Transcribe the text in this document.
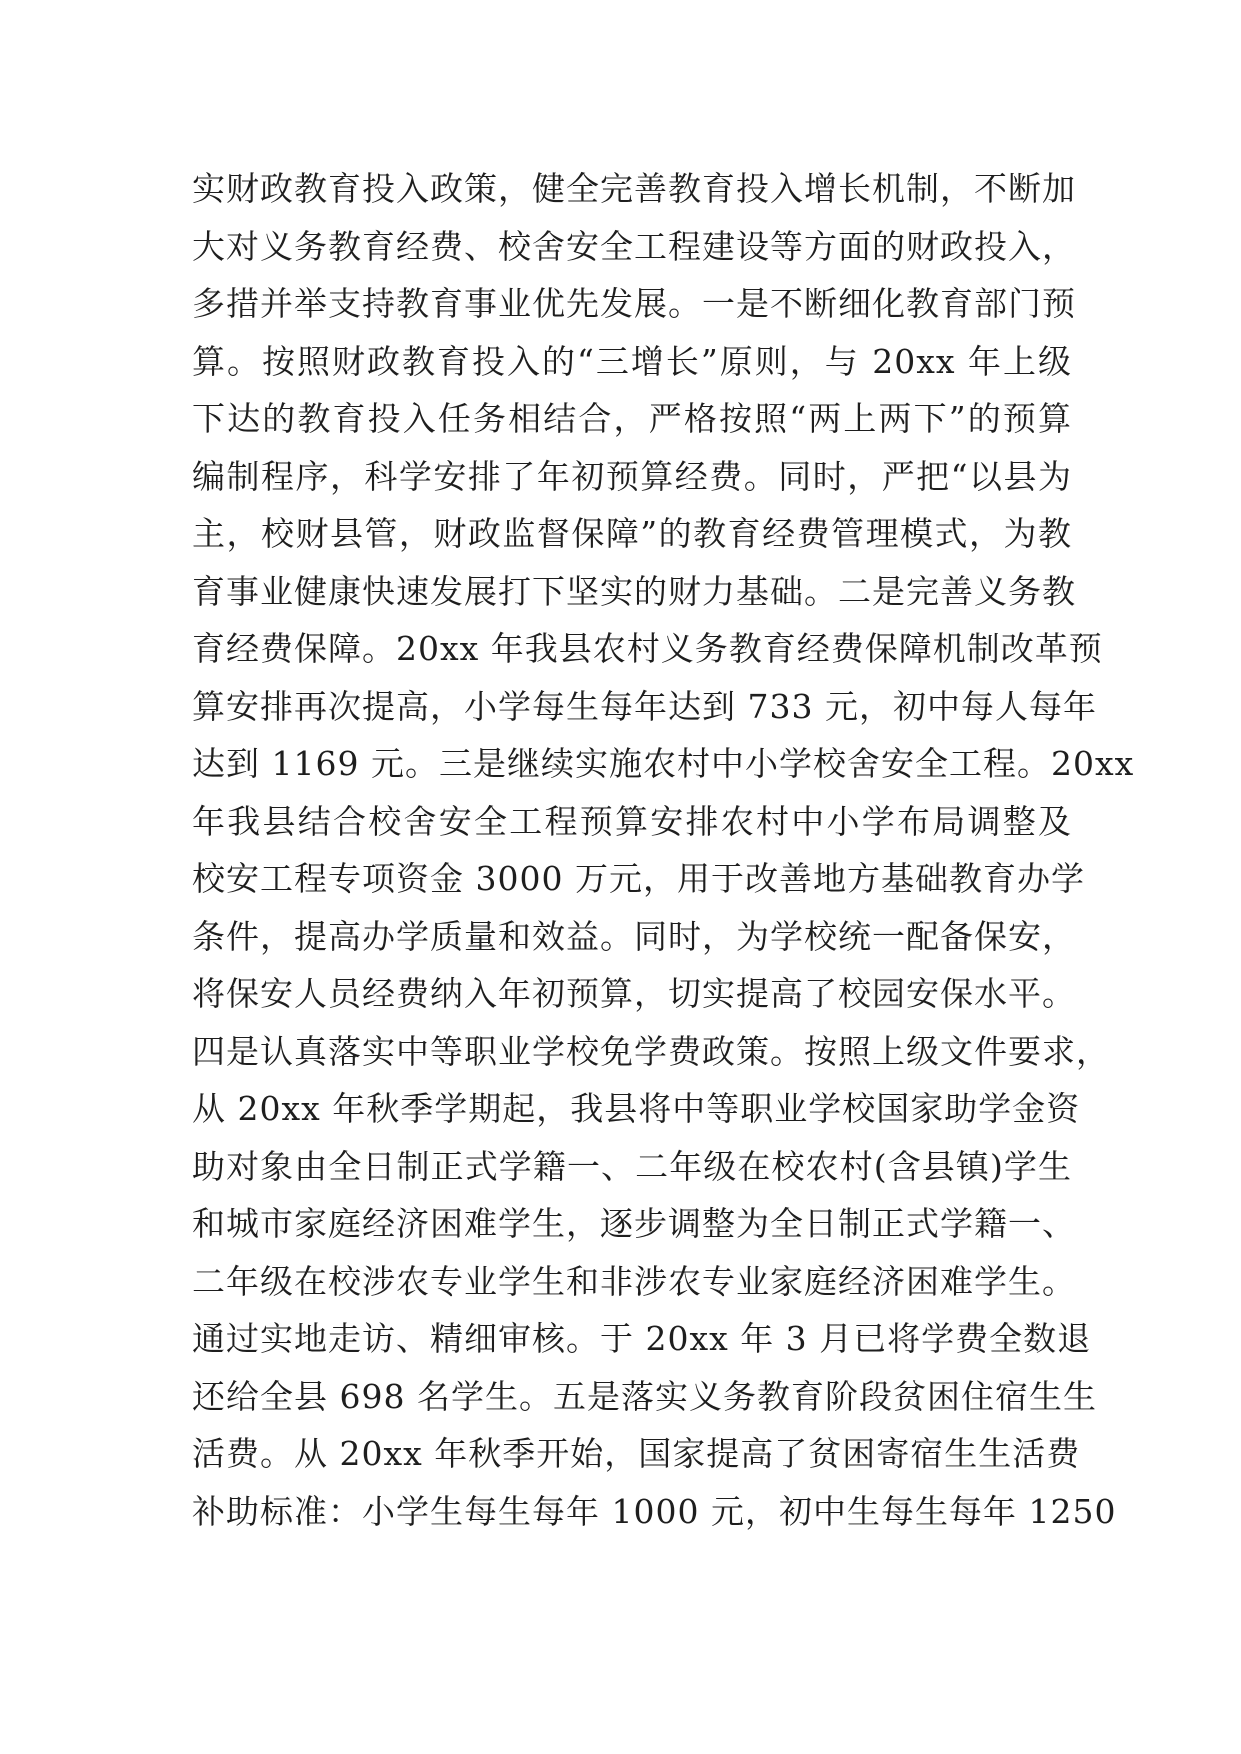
实财政教育投入政策，健全完善教育投入增长机制，不断加
大对义务教育经费、校舍安全工程建设等方面的财政投入，
多措并举支持教育事业优先发展。一是不断细化教育部门预
算。按照财政教育投入的“三增长”原则，与 20xx 年上级
下达的教育投入任务相结合，严格按照“两上两下”的预算
编制程序，科学安排了年初预算经费。同时，严把“以县为
主，校财县管，财政监督保障”的教育经费管理模式，为教
育事业健康快速发展打下坚实的财力基础。二是完善义务教
育经费保障。20xx 年我县农村义务教育经费保障机制改革预
算安排再次提高，小学每生每年达到 733 元，初中每人每年
达到 1169 元。三是继续实施农村中小学校舍安全工程。20xx
年我县结合校舍安全工程预算安排农村中小学布局调整及
校安工程专项资金 3000 万元，用于改善地方基础教育办学
条件，提高办学质量和效益。同时，为学校统一配备保安，
将保安人员经费纳入年初预算，切实提高了校园安保水平。
四是认真落实中等职业学校免学费政策。按照上级文件要求，
从 20xx 年秋季学期起，我县将中等职业学校国家助学金资
助对象由全日制正式学籍一、二年级在校农村(含县镇)学生
和城市家庭经济困难学生，逐步调整为全日制正式学籍一、
二年级在校涉农专业学生和非涉农专业家庭经济困难学生。
通过实地走访、精细审核。于 20xx 年 3 月已将学费全数退
还给全县 698 名学生。五是落实义务教育阶段贫困住宿生生
活费。从 20xx 年秋季开始，国家提高了贫困寄宿生生活费
补助标准：小学生每生每年 1000 元，初中生每生每年 1250
